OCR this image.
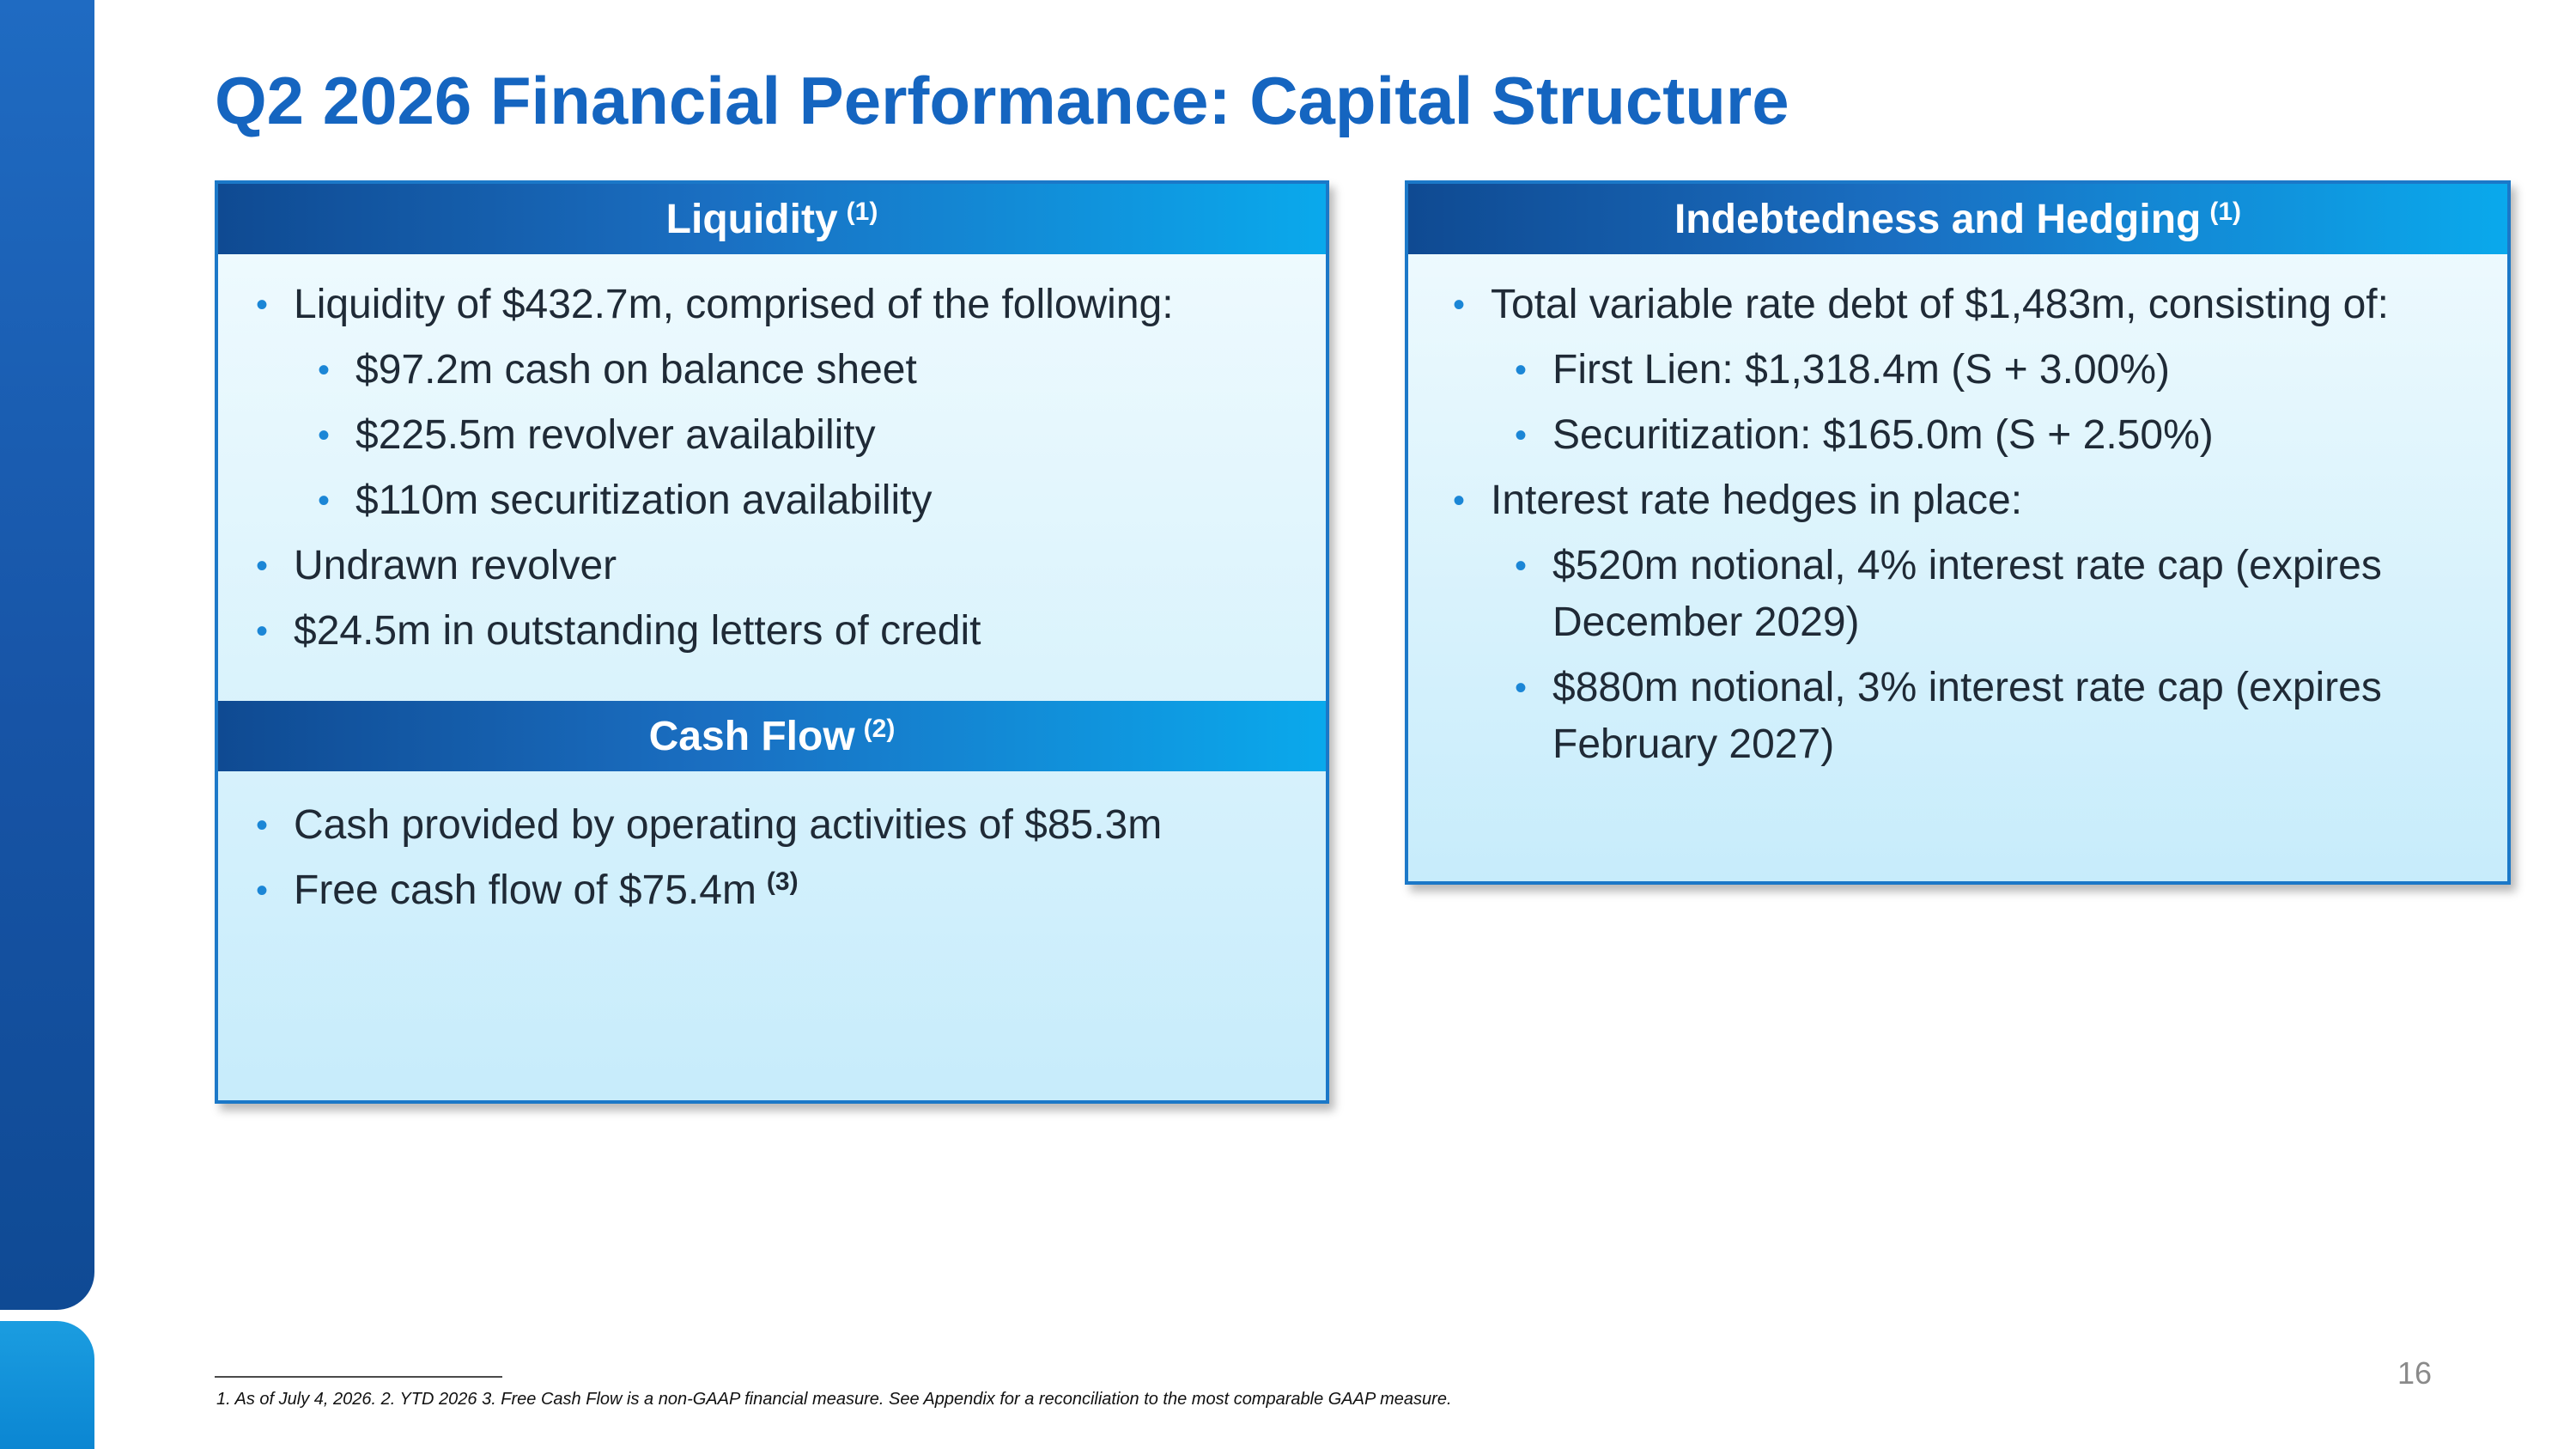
Q2 2026 Financial Performance: Capital Structure
Liquidity $^{(1)}$
• Liquidity of $432.7m, comprised of the following:
• $97.2m cash on balance sheet
• $225.5m revolver availability
• $110m securitization availability
• Undrawn revolver
• $24.5m in outstanding letters of credit
Cash Flow $^{(2)}$
• Cash provided by operating activities of $85.3m
• Free cash flow of $75.4m $^{(3)}$
Indebtedness and Hedging $^{(1)}$
• Total variable rate debt of $1,483m, consisting of:
• First Lien: $1,318.4m (S + 3.00%)
• Securitization: $165.0m (S + 2.50%)
• Interest rate hedges in place:
• $520m notional, 4% interest rate cap (expires December 2029)
• $880m notional, 3% interest rate cap (expires February 2027)
1. As of July 4, 2026. 2. YTD 2026 3. Free Cash Flow is a non-GAAP financial measure. See Appendix for a reconciliation to the most comparable GAAP measure.
16
